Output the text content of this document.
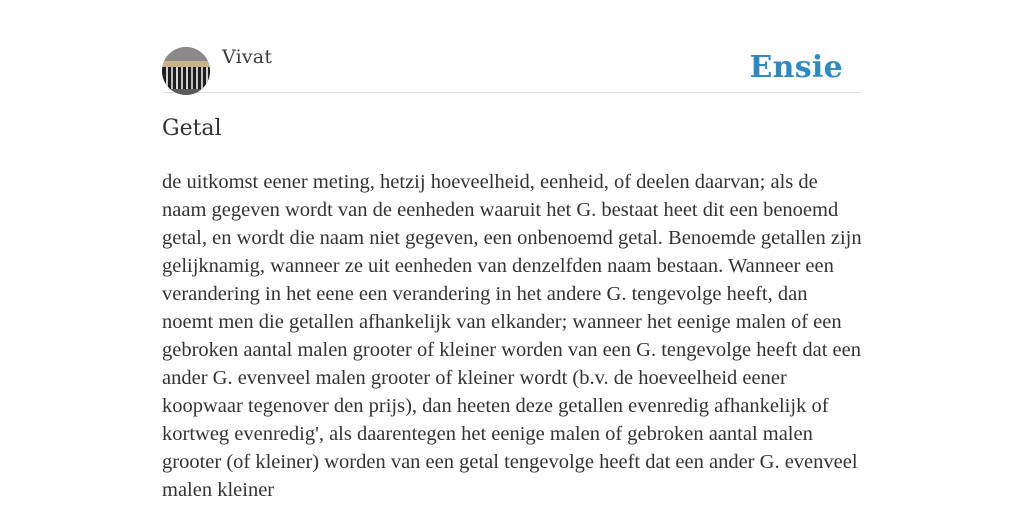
Vivat	Ensie
Getal

de uitkomst eener meting, hetzij hoeveelheid, eenheid, of deelen daarvan; als de naam gegeven wordt van de eenheden waaruit het G. bestaat heet dit een benoemd getal, en wordt die naam niet gegeven, een onbenoemd getal. Benoemde getallen zijn gelijknamig, wanneer ze uit eenheden van denzelfden naam bestaan. Wanneer een verandering in het eene een verandering in het andere G. tengevolge heeft, dan noemt men die getallen afhankelijk van elkander; wanneer het eenige malen of een gebroken aantal malen grooter of kleiner worden van een G. tengevolge heeft dat een ander G. evenveel malen grooter of kleiner wordt (b.v. de hoeveelheid eener koopwaar tegenover den prijs), dan heeten deze getallen evenredig afhankelijk of kortweg evenredig', als daarentegen het eenige malen of gebroken aantal malen grooter (of kleiner) worden van een getal tengevolge heeft dat een ander G. evenveel malen kleiner
